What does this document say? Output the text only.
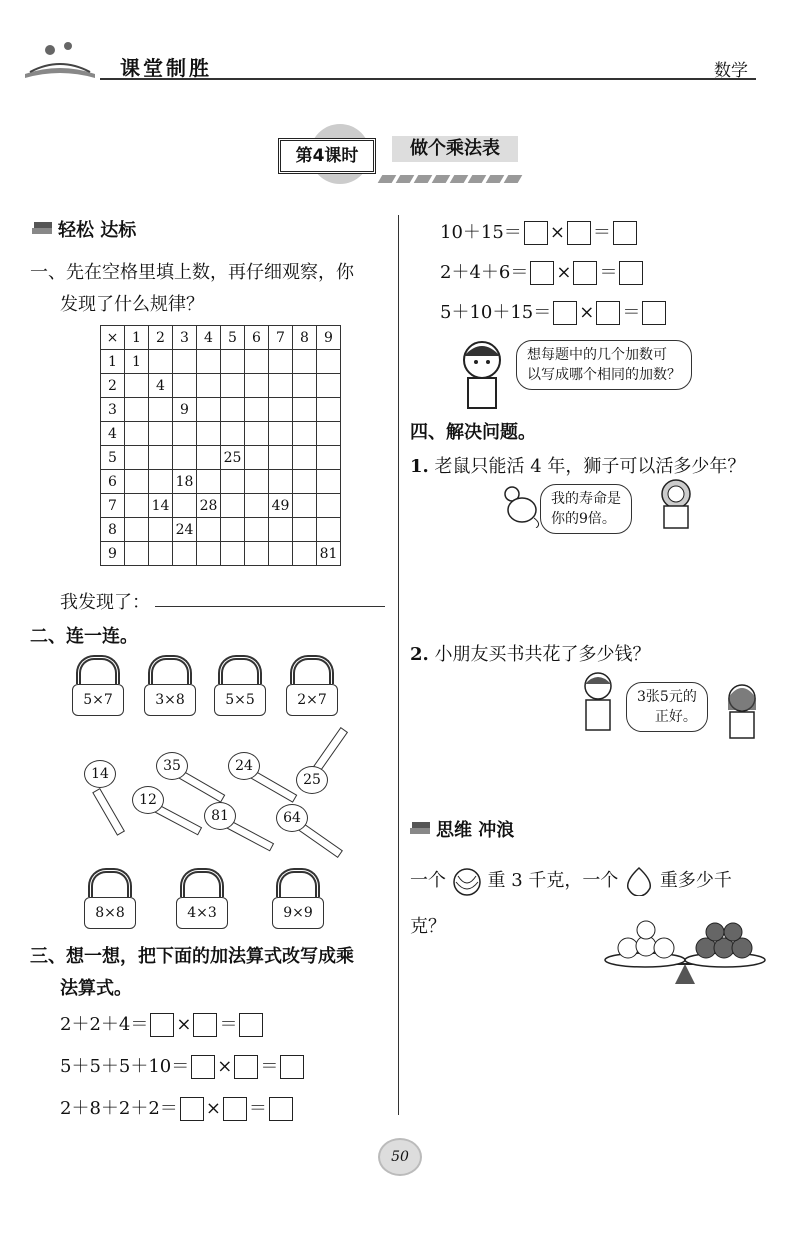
课堂制胜	数学
第4课时	做个乘法表
轻松 达标
一、先在空格里填上数，再仔细观察，你
发现了什么规律？
×	1	2	3	4	5	6	7	8	9
1	1								
2		4							
3			9						
4									
5					25				
6			18						
7		14		28			49		
8			24						
9									81
我发现了：
二、连一连。
5×7	3×8	5×5	2×7
14	35	24
25
12
81	64
8×8	4×3	9×9
三、想一想，把下面的加法算式改写成乘
法算式。
2＋2＋4＝ × ＝
5＋5＋5＋10＝ × ＝
2＋8＋2＋2＝ × ＝
10＋15＝ × ＝
2＋4＋6＝ × ＝
5＋10＋15＝ × ＝
想每题中的几个加数可
以写成哪个相同的加数？
四、解决问题。
1. 老鼠只能活 4 年，狮子可以活多少年？
我的寿命是
你的9倍。
2. 小朋友买书共花了多少钱？
3张5元的
正好。
思维 冲浪
一个 重 3 千克，一个 重多少千
克？
50
